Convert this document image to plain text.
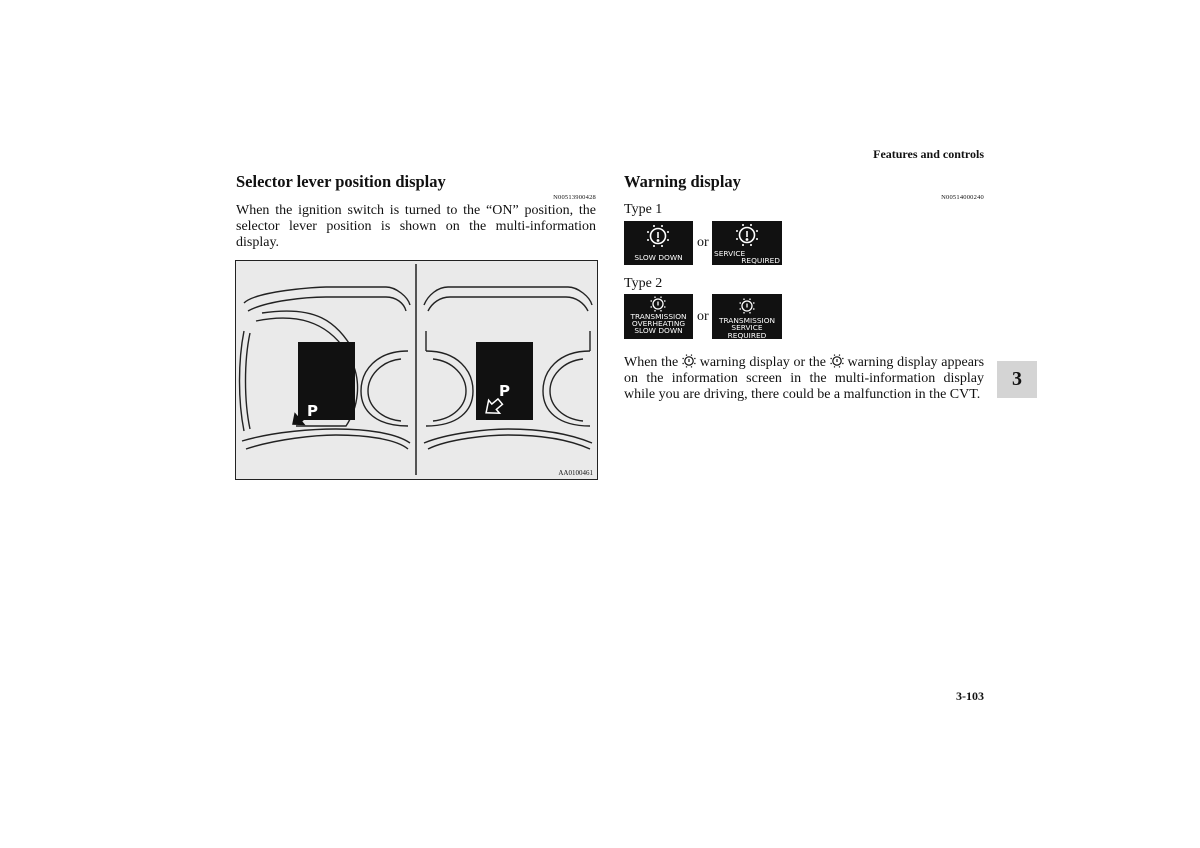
Features and controls
3
3-103
Selector lever position display
N00513900428
When the ignition switch is turned to the “ON” position, the selector lever position is shown on the multi-information display.
P
P
AA0100461
Warning display
N00514000240
Type 1
SLOW DOWN
or
SERVICE
REQUIRED
Type 2
TRANSMISSION
OVERHEATING
SLOW DOWN
or	TRANSMISSION
SERVICE REQUIRED
When the warning display or the warning display appears on the information screen in the multi-information display while you are driving, there could be a malfunction in the CVT.
